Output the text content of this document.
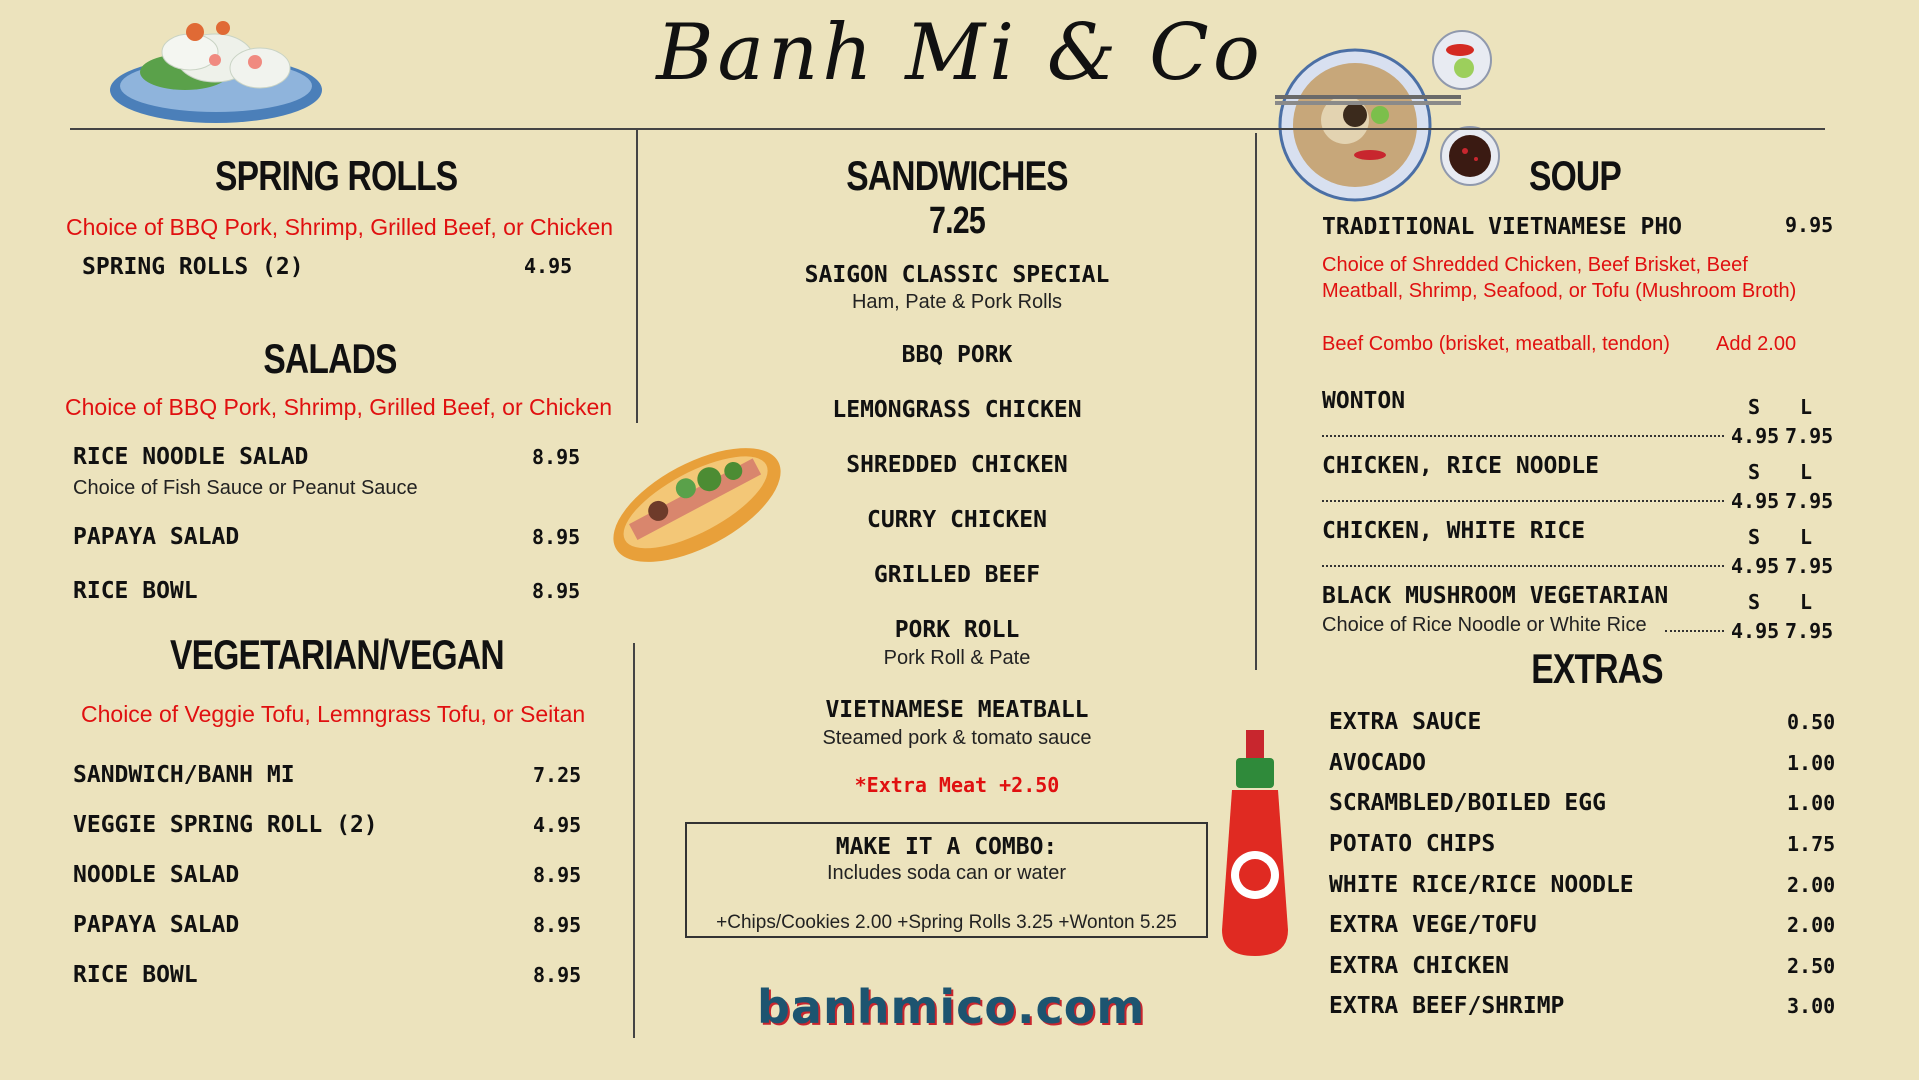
Banh Mi & Co
SPRING ROLLS
Choice of BBQ Pork, Shrimp, Grilled Beef, or Chicken
SPRING ROLLS (2)	4.95
SALADS
Choice of BBQ Pork, Shrimp, Grilled Beef, or Chicken
RICE NOODLE SALAD	8.95
Choice of Fish Sauce or Peanut Sauce
PAPAYA SALAD	8.95
RICE BOWL	8.95
VEGETARIAN/VEGAN
Choice of Veggie Tofu, Lemngrass Tofu, or Seitan
SANDWICH/BANH MI	7.25
VEGGIE SPRING ROLL (2)	4.95
NOODLE SALAD	8.95
PAPAYA SALAD	8.95
RICE BOWL	8.95
SANDWICHES
7.25
SAIGON CLASSIC SPECIAL
Ham, Pate & Pork Rolls
BBQ PORK
LEMONGRASS CHICKEN
SHREDDED CHICKEN
CURRY CHICKEN
GRILLED BEEF
PORK ROLL
Pork Roll & Pate
VIETNAMESE MEATBALL
Steamed pork & tomato sauce
*Extra Meat +2.50
MAKE IT A COMBO:
Includes soda can or water
+Chips/Cookies 2.00 +Spring Rolls 3.25 +Wonton 5.25
banhmico.com
SOUP
TRADITIONAL VIETNAMESE PHO	9.95
Choice of Shredded Chicken, Beef Brisket, Beef
Meatball, Shrimp, Seafood, or Tofu (Mushroom Broth)
Beef Combo (brisket, meatball, tendon) Add 2.00
WONTON	S L
4.95 7.95
CHICKEN, RICE NOODLE	S L
4.95 7.95
CHICKEN, WHITE RICE	S L
4.95 7.95
BLACK MUSHROOM VEGETARIAN	S L
Choice of Rice Noodle or White Rice	4.95 7.95
EXTRAS
EXTRA SAUCE	0.50
AVOCADO	1.00
SCRAMBLED/BOILED EGG	1.00
POTATO CHIPS	1.75
WHITE RICE/RICE NOODLE	2.00
EXTRA VEGE/TOFU	2.00
EXTRA CHICKEN	2.50
EXTRA BEEF/SHRIMP	3.00
